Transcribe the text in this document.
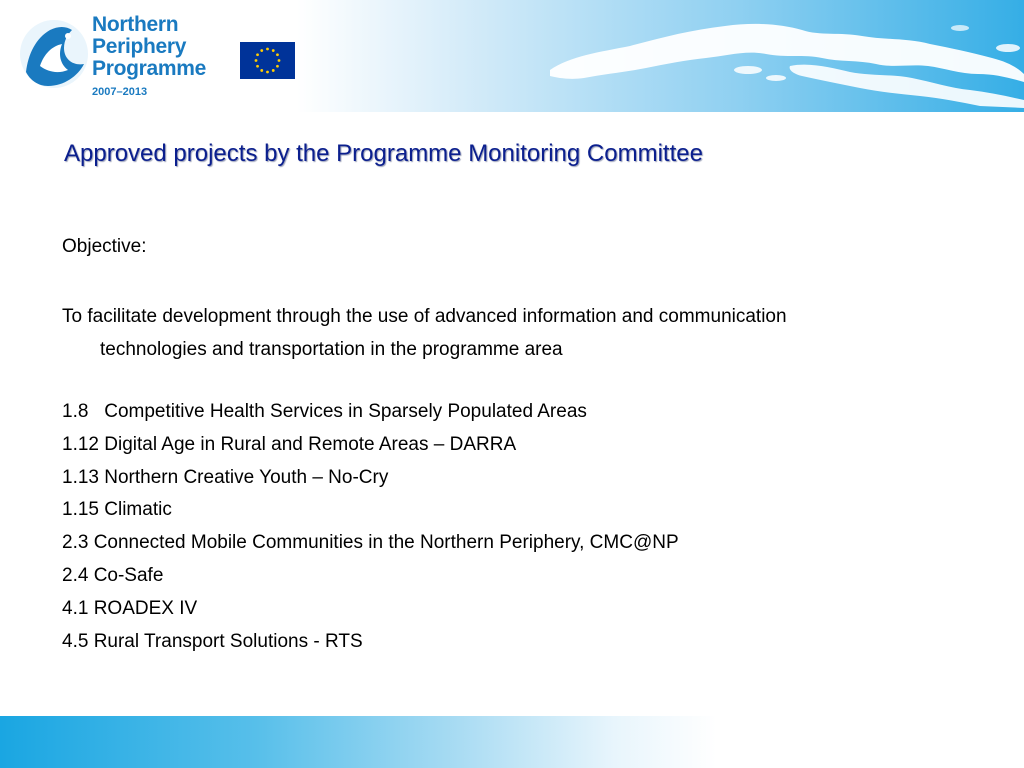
Northern
Periphery
Programme
2007–2013
Approved projects by the Programme Monitoring Committee
Objective:
To facilitate development through the use of advanced information and communication
technologies and transportation in the programme area
1.8   Competitive Health Services in Sparsely Populated Areas
1.12 Digital Age in Rural and Remote Areas – DARRA
1.13 Northern Creative Youth – No-Cry
1.15 Climatic
2.3 Connected Mobile Communities in the Northern Periphery, CMC@NP
2.4 Co-Safe
4.1 ROADEX IV
4.5 Rural Transport Solutions - RTS
